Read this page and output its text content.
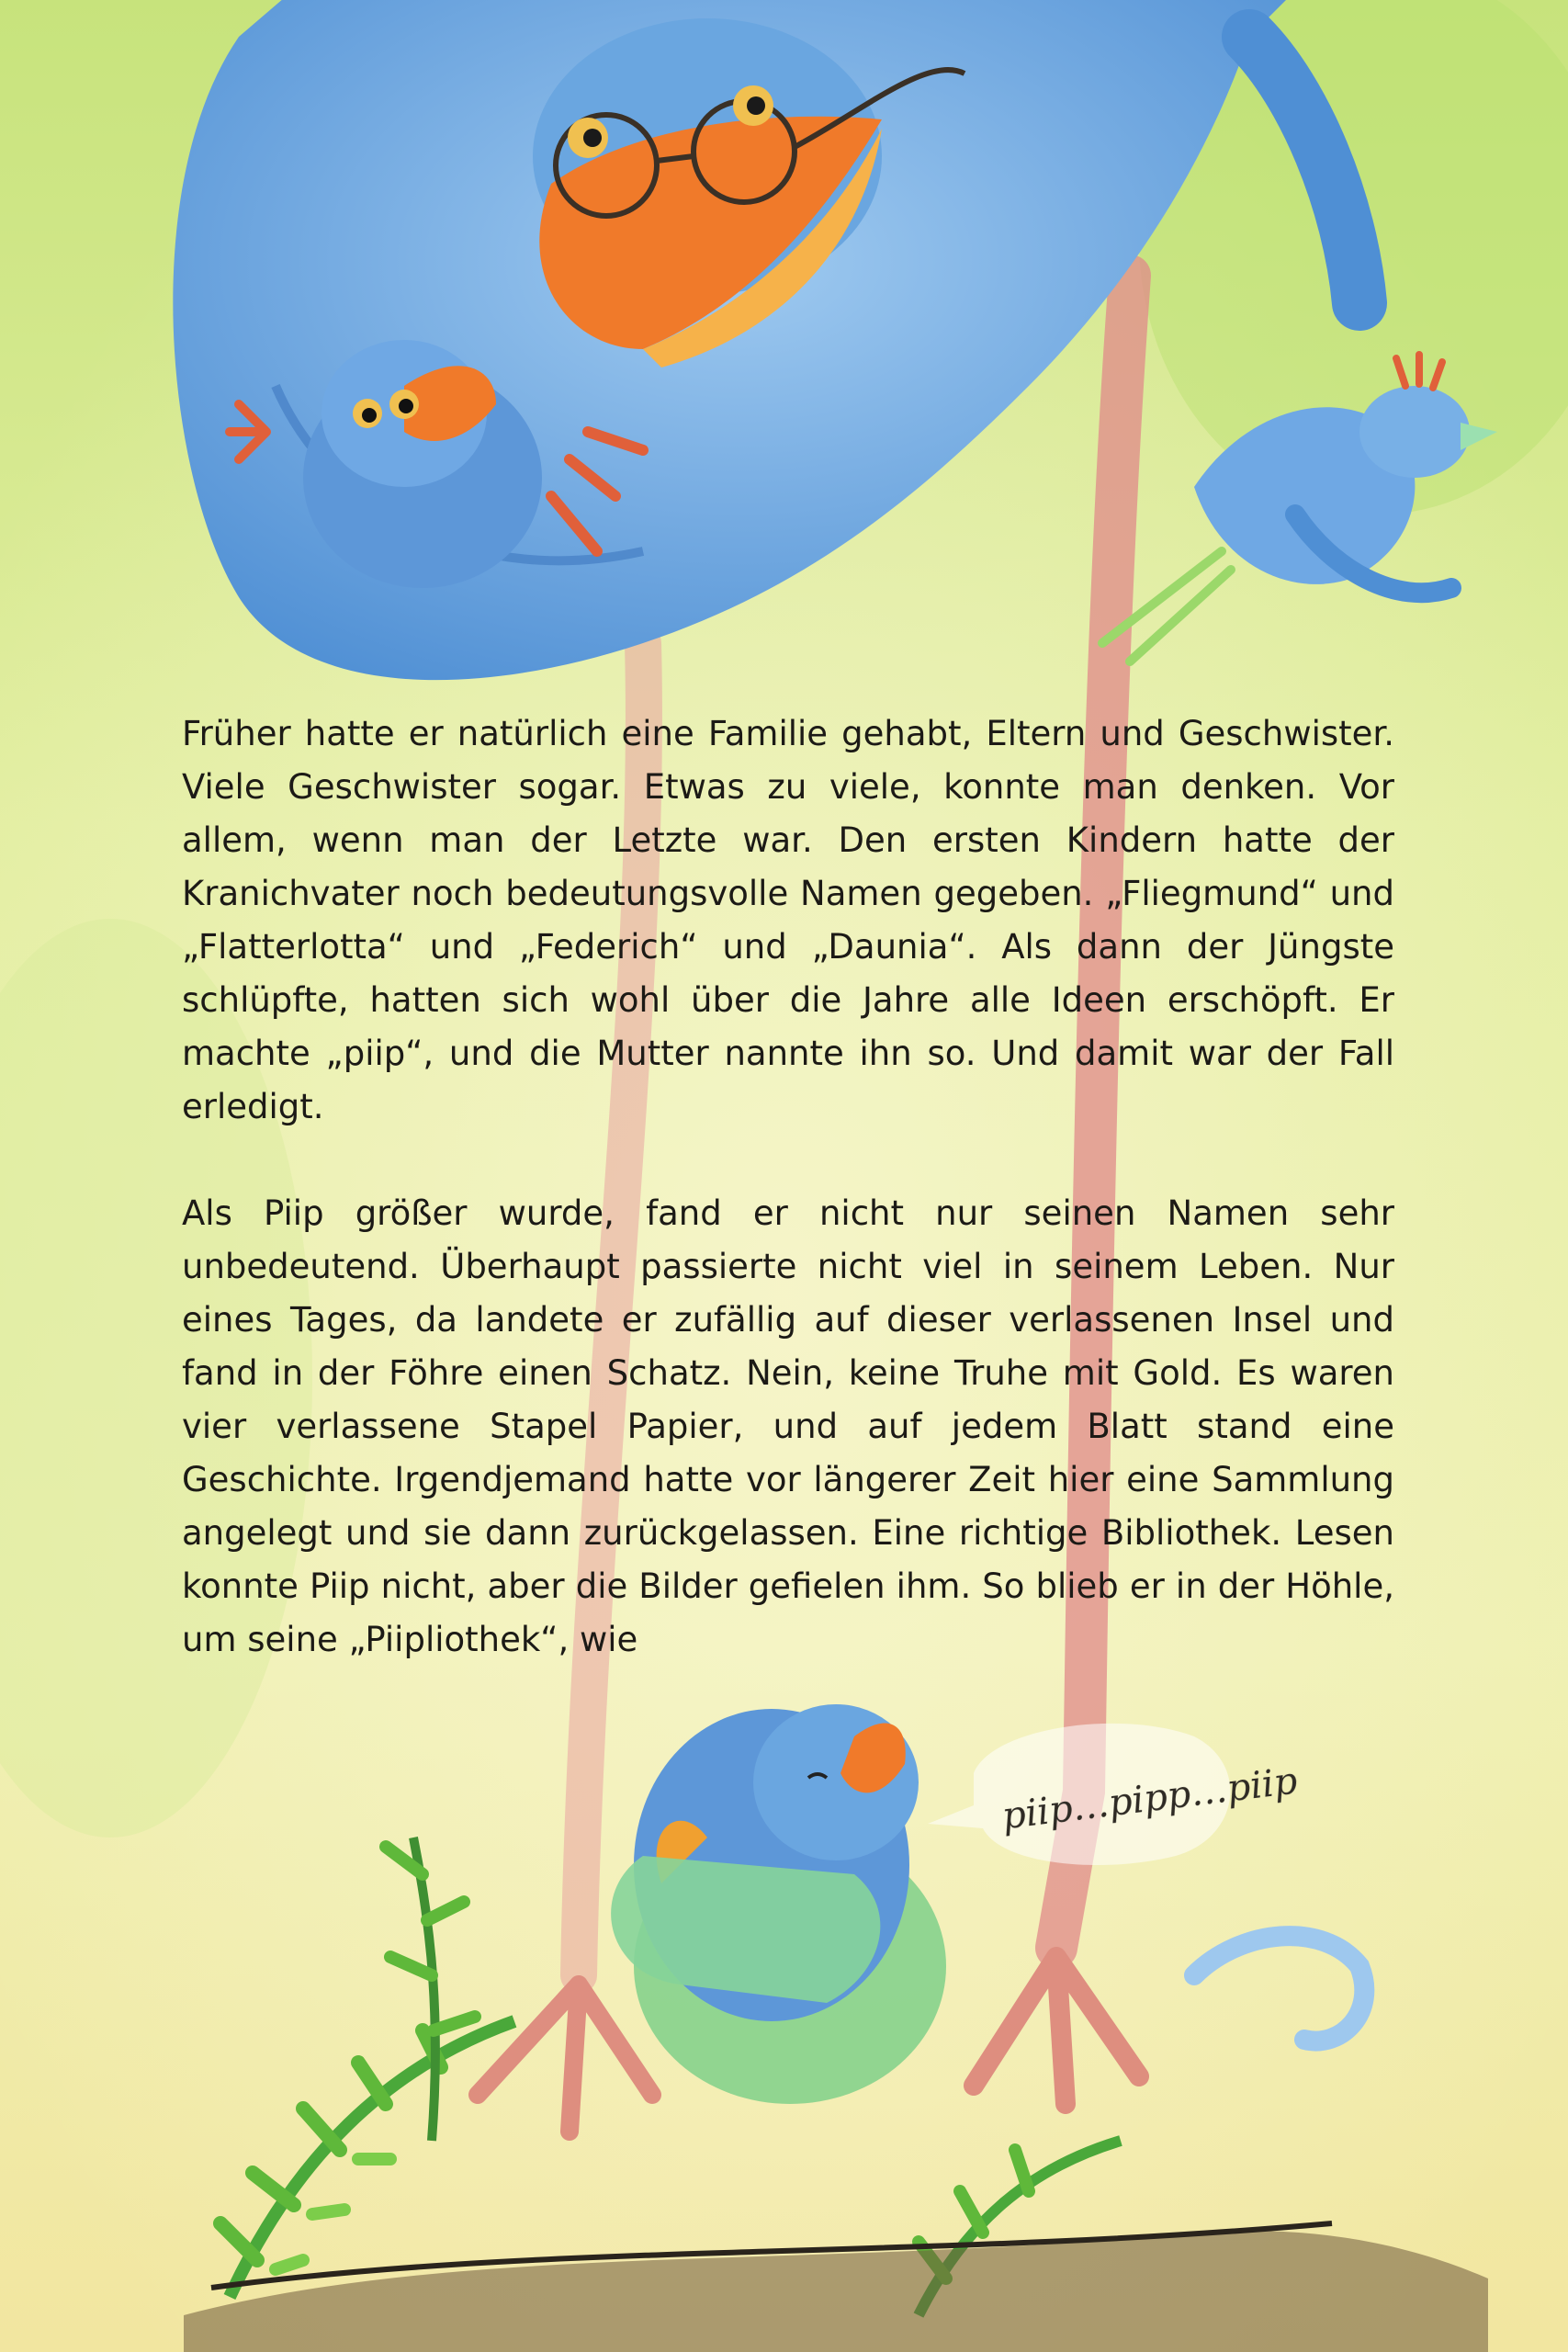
Früher hatte er natürlich eine Familie gehabt, Eltern und Geschwister. Viele Geschwister sogar. Etwas zu viele, konnte man denken. Vor allem, wenn man der Letzte war. Den ersten Kindern hatte der Kranichvater noch bedeutungsvolle Namen gegeben. „Fliegmund“ und „Flatterlotta“ und „Federich“ und „Daunia“. Als dann der Jüngste schlüpfte, hatten sich wohl über die Jahre alle Ideen erschöpft. Er machte „piip“, und die Mutter nannte ihn so. Und damit war der Fall erledigt.

Als Piip größer wurde, fand er nicht nur seinen Namen sehr unbedeutend. Überhaupt passierte nicht viel in seinem Leben. Nur eines Tages, da landete er zufällig auf dieser verlassenen Insel und fand in der Föhre einen Schatz. Nein, keine Truhe mit Gold. Es waren vier verlassene Stapel Papier, und auf jedem Blatt stand eine Geschichte. Irgendjemand hatte vor längerer Zeit hier eine Sammlung angelegt und sie dann zurückgelassen. Eine richtige Bibliothek. Lesen konnte Piip nicht, aber die Bilder gefielen ihm. So blieb er in der Höhle, um seine „Piipliothek“, wie

piip…pipp…piip
